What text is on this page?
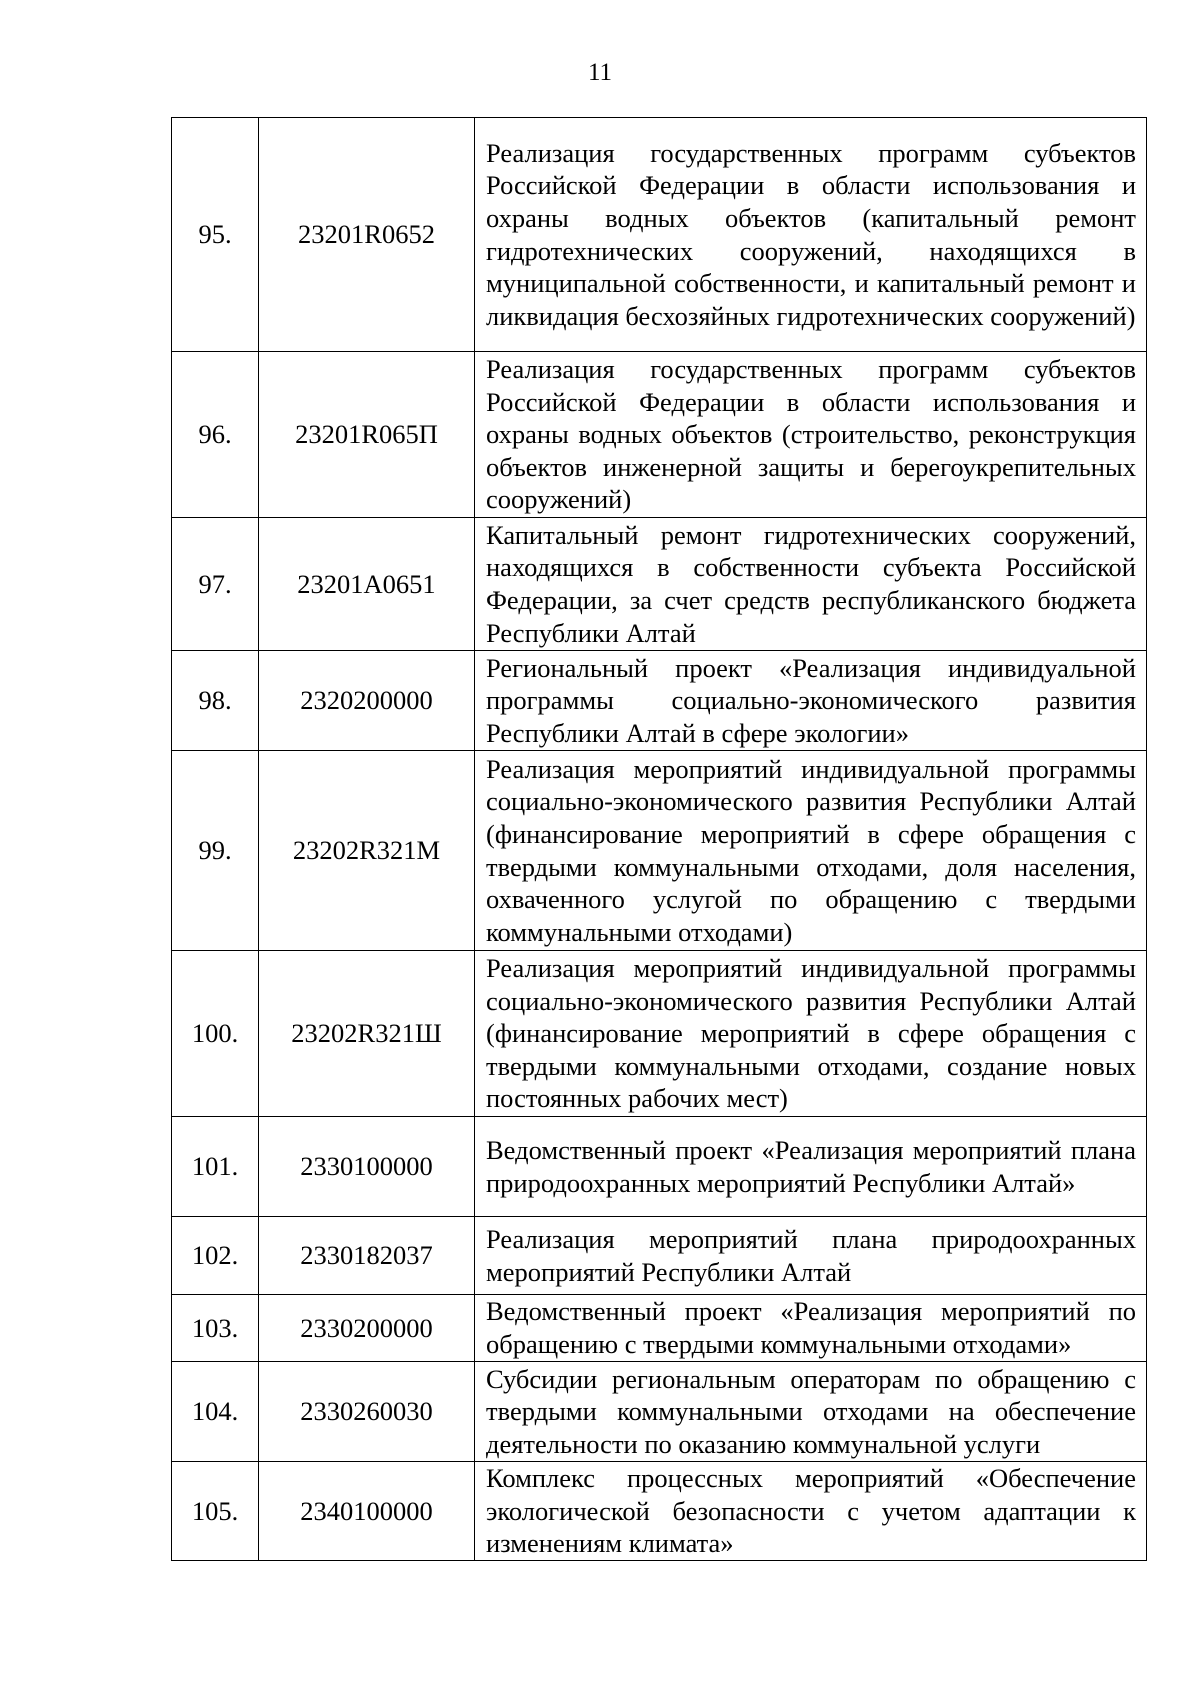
11
95.	23201R0652	Реализация государственных программ субъектов Российской Федерации в области использования и охраны водных объектов (капитальный ремонт гидротехнических сооружений, находящихся в муниципальной собственности, и капитальный ремонт и ликвидация бесхозяйных гидротехнических сооружений)
96.	23201R065П	Реализация государственных программ субъектов Российской Федерации в области использования и охраны водных объектов (строительство, реконструкция объектов инженерной защиты и берегоукрепительных сооружений)
97.	23201A0651	Капитальный ремонт гидротехнических сооружений, находящихся в собственности субъекта Российской Федерации, за счет средств республиканского бюджета Республики Алтай
98.	2320200000	Региональный проект «Реализация индивидуальной программы социально-экономического развития Республики Алтай в сфере экологии»
99.	23202R321М	Реализация мероприятий индивидуальной программы социально-экономического развития Республики Алтай (финансирование мероприятий в сфере обращения с твердыми коммунальными отходами, доля населения, охваченного услугой по обращению с твердыми коммунальными отходами)
100.	23202R321Ш	Реализация мероприятий индивидуальной программы социально-экономического развития Республики Алтай (финансирование мероприятий в сфере обращения с твердыми коммунальными отходами, создание новых постоянных рабочих мест)
101.	2330100000	Ведомственный проект «Реализация мероприятий плана природоохранных мероприятий Республики Алтай»
102.	2330182037	Реализация мероприятий плана природоохранных мероприятий Республики Алтай
103.	2330200000	Ведомственный проект «Реализация мероприятий по обращению с твердыми коммунальными отходами»
104.	2330260030	Субсидии региональным операторам по обращению с твердыми коммунальными отходами на обеспечение деятельности по оказанию коммунальной услуги
105.	2340100000	Комплекс процессных мероприятий «Обеспечение экологической безопасности с учетом адаптации к изменениям климата»
